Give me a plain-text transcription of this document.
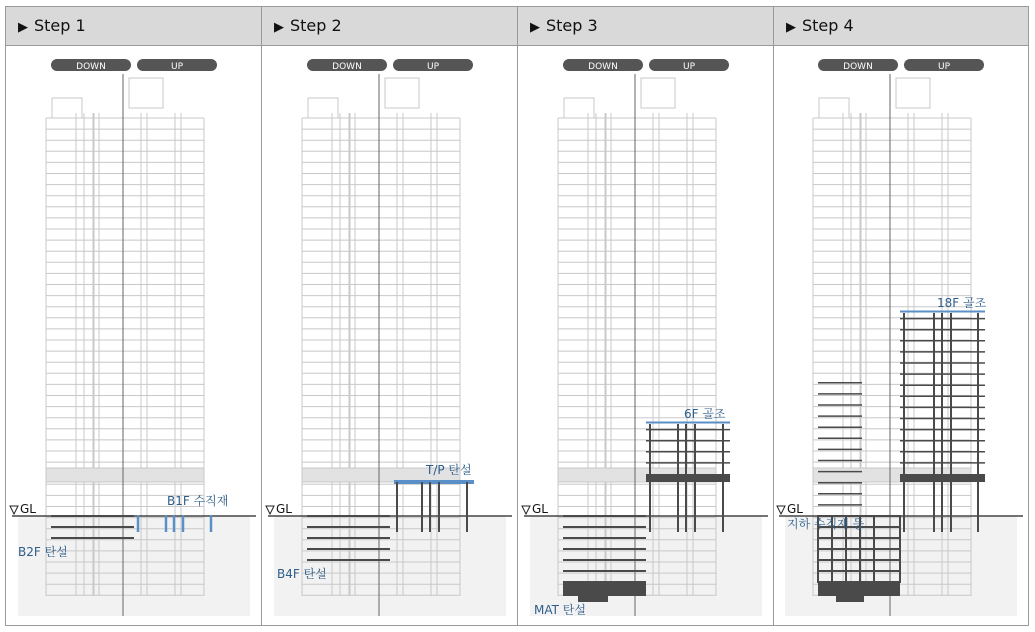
▶ Step 1
GL
DOWN	UP
B1F 수직재
B2F 탄설
▶ Step 2
GL
DOWN	UP
T/P 탄설
B4F 탄설
▶ Step 3
GL
DOWN	UP
6F 골조
MAT 탄설
▶ Step 4
GL
DOWN	UP
18F 골조
지하 수직재 등
